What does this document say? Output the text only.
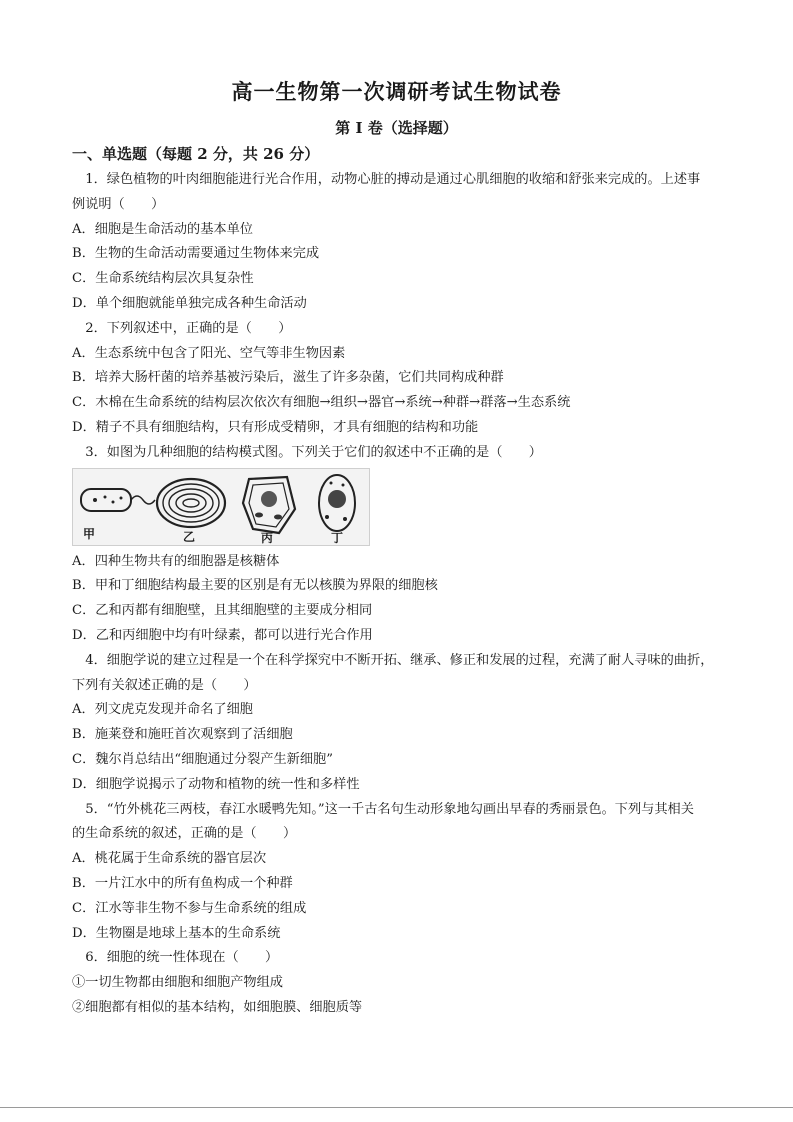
高一生物第一次调研考试生物试卷
第 I 卷（选择题）
一、单选题（每题 2 分，共 26 分）
1．绿色植物的叶肉细胞能进行光合作用，动物心脏的搏动是通过心肌细胞的收缩和舒张来完成的。上述事
例说明（　　）
A．细胞是生命活动的基本单位
B．生物的生命活动需要通过生物体来完成
C．生命系统结构层次具复杂性
D．单个细胞就能单独完成各种生命活动
2．下列叙述中，正确的是（　　）
A．生态系统中包含了阳光、空气等非生物因素
B．培养大肠杆菌的培养基被污染后，滋生了许多杂菌，它们共同构成种群
C．木棉在生命系统的结构层次依次有细胞→组织→器官→系统→种群→群落→生态系统
D．精子不具有细胞结构，只有形成受精卵，才具有细胞的结构和功能
3．如图为几种细胞的结构模式图。下列关于它们的叙述中不正确的是（　　）
甲	乙	丙	丁
A．四种生物共有的细胞器是核糖体
B．甲和丁细胞结构最主要的区别是有无以核膜为界限的细胞核
C．乙和丙都有细胞壁，且其细胞壁的主要成分相同
D．乙和丙细胞中均有叶绿素，都可以进行光合作用
4．细胞学说的建立过程是一个在科学探究中不断开拓、继承、修正和发展的过程，充满了耐人寻味的曲折，
下列有关叙述正确的是（　　）
A．列文虎克发现并命名了细胞
B．施莱登和施旺首次观察到了活细胞
C．魏尔肖总结出“细胞通过分裂产生新细胞”
D．细胞学说揭示了动物和植物的统一性和多样性
5．“竹外桃花三两枝，春江水暖鸭先知。”这一千古名句生动形象地勾画出早春的秀丽景色。下列与其相关
的生命系统的叙述，正确的是（　　）
A．桃花属于生命系统的器官层次
B．一片江水中的所有鱼构成一个种群
C．江水等非生物不参与生命系统的组成
D．生物圈是地球上基本的生命系统
6．细胞的统一性体现在（　　）
①一切生物都由细胞和细胞产物组成
②细胞都有相似的基本结构，如细胞膜、细胞质等
